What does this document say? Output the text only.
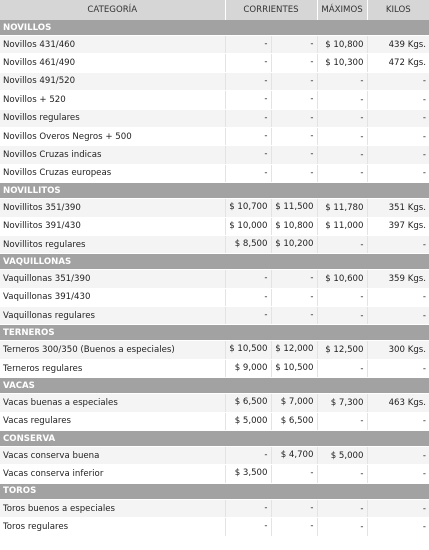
CATEGORÍA	CORRIENTES	MÁXIMOS	KILOS
NOVILLOS			
Novillos 431/460	- -	$ 10,800	439 Kgs.
Novillos 461/490	- -	$ 10,300	472 Kgs.
Novillos 491/520	- -	-	-
Novillos + 520	- -	-	-
Novillos regulares	- -	-	-
Novillos Overos Negros + 500	- -	-	-
Novillos Cruzas indicas	- -	-	-
Novillos Cruzas europeas	- -	-	-
NOVILLITOS			
Novillitos 351/390	$ 10,700 $ 11,500	$ 11,780	351 Kgs.
Novillitos 391/430	$ 10,000 $ 10,800	$ 11,000	397 Kgs.
Novillitos regulares	$ 8,500 $ 10,200	-	-
VAQUILLONAS			
Vaquillonas 351/390	- -	$ 10,600	359 Kgs.
Vaquillonas 391/430	- -	-	-
Vaquillonas regulares	- -	-	-
TERNEROS			
Terneros 300/350 (Buenos a especiales)	$ 10,500 $ 12,000	$ 12,500	300 Kgs.
Terneros regulares	$ 9,000 $ 10,500	-	-
VACAS			
Vacas buenas a especiales	$ 6,500 $ 7,000	$ 7,300	463 Kgs.
Vacas regulares	$ 5,000 $ 6,500	-	-
CONSERVA			
Vacas conserva buena	- $ 4,700	$ 5,000	-
Vacas conserva inferior	$ 3,500 -	-	-
TOROS			
Toros buenos a especiales	- -	-	-
Toros regulares	- -	-	-
